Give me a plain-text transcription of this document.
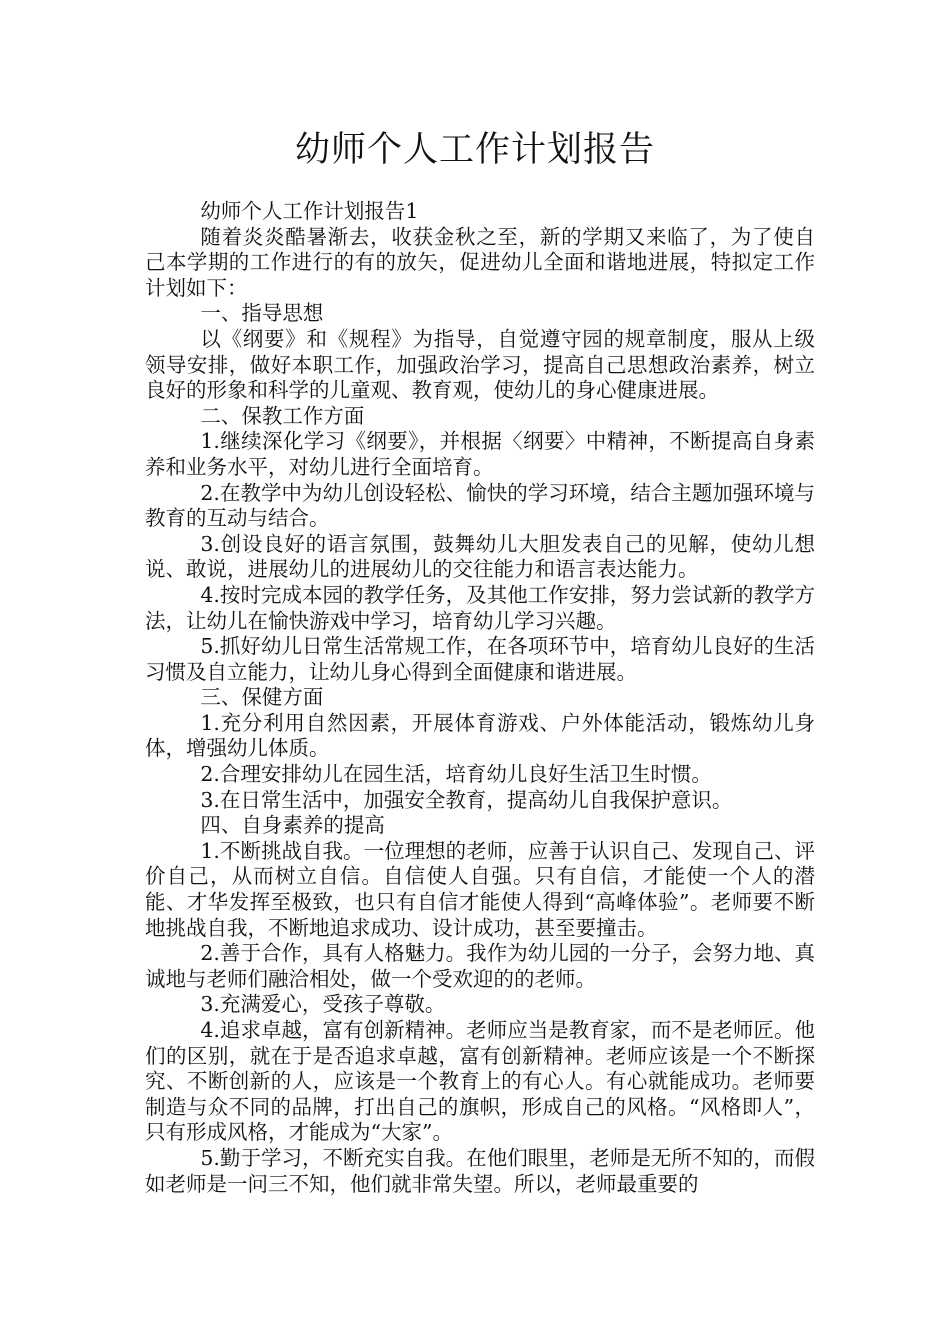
幼师个人工作计划报告

幼师个人工作计划报告1

随着炎炎酷暑渐去，收获金秋之至，新的学期又来临了，为了使自己本学期的工作进行的有的放矢，促进幼儿全面和谐地进展，特拟定工作计划如下：

一、指导思想

以《纲要》和《规程》为指导，自觉遵守园的规章制度，服从上级领导安排，做好本职工作，加强政治学习，提高自己思想政治素养，树立良好的形象和科学的儿童观、教育观，使幼儿的身心健康进展。

二、保教工作方面

1.继续深化学习《纲要》，并根据〈纲要〉中精神，不断提高自身素养和业务水平，对幼儿进行全面培育。

2.在教学中为幼儿创设轻松、愉快的学习环境，结合主题加强环境与教育的互动与结合。

3.创设良好的语言氛围，鼓舞幼儿大胆发表自己的见解，使幼儿想说、敢说，进展幼儿的进展幼儿的交往能力和语言表达能力。

4.按时完成本园的教学任务，及其他工作安排，努力尝试新的教学方法，让幼儿在愉快游戏中学习，培育幼儿学习兴趣。

5.抓好幼儿日常生活常规工作，在各项环节中，培育幼儿良好的生活习惯及自立能力，让幼儿身心得到全面健康和谐进展。

三、保健方面

1.充分利用自然因素，开展体育游戏、户外体能活动，锻炼幼儿身体，增强幼儿体质。

2.合理安排幼儿在园生活，培育幼儿良好生活卫生时惯。

3.在日常生活中，加强安全教育，提高幼儿自我保护意识。

四、自身素养的提高

1.不断挑战自我。一位理想的老师，应善于认识自己、发现自己、评价自己，从而树立自信。自信使人自强。只有自信，才能使一个人的潜能、才华发挥至极致，也只有自信才能使人得到“高峰体验”。老师要不断地挑战自我，不断地追求成功、设计成功，甚至要撞击。

2.善于合作，具有人格魅力。我作为幼儿园的一分子，会努力地、真诚地与老师们融洽相处，做一个受欢迎的的老师。

3.充满爱心，受孩子尊敬。

4.追求卓越，富有创新精神。老师应当是教育家，而不是老师匠。他们的区别，就在于是否追求卓越，富有创新精神。老师应该是一个不断探究、不断创新的人，应该是一个教育上的有心人。有心就能成功。老师要制造与众不同的品牌，打出自己的旗帜，形成自己的风格。“风格即人”，只有形成风格，才能成为“大家”。

5.勤于学习，不断充实自我。在他们眼里，老师是无所不知的，而假如老师是一问三不知，他们就非常失望。所以，老师最重要的
